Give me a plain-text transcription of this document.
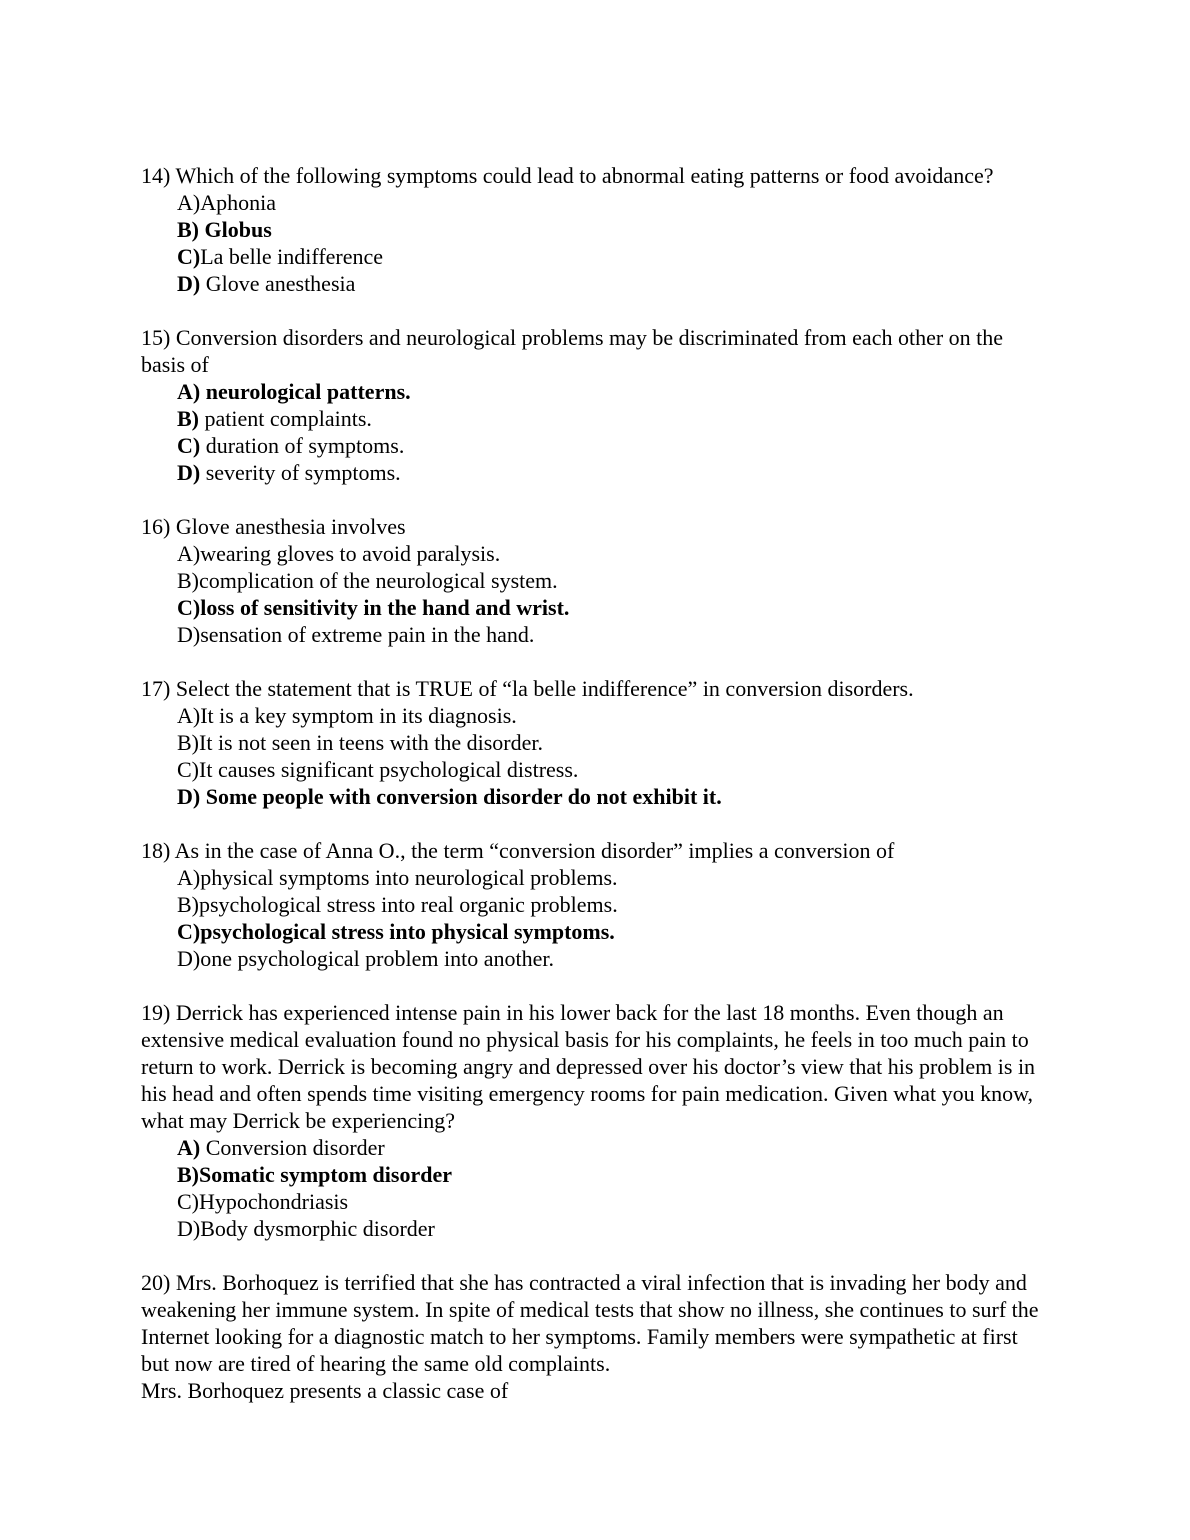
14) Which of the following symptoms could lead to abnormal eating patterns or food avoidance?

A)Aphonia
B) Globus
C)La belle indifference
D) Glove anesthesia

15) Conversion disorders and neurological problems may be discriminated from each other on the basis of

A) neurological patterns.
B) patient complaints.
C) duration of symptoms.
D) severity of symptoms.

16) Glove anesthesia involves

A)wearing gloves to avoid paralysis.
B)complication of the neurological system.
C)loss of sensitivity in the hand and wrist.
D)sensation of extreme pain in the hand.

17) Select the statement that is TRUE of “la belle indifference” in conversion disorders.

A)It is a key symptom in its diagnosis.
B)It is not seen in teens with the disorder.
C)It causes significant psychological distress.
D) Some people with conversion disorder do not exhibit it.

18) As in the case of Anna O., the term “conversion disorder” implies a conversion of

A)physical symptoms into neurological problems.
B)psychological stress into real organic problems.
C)psychological stress into physical symptoms.
D)one psychological problem into another.

19) Derrick has experienced intense pain in his lower back for the last 18 months. Even though an extensive medical evaluation found no physical basis for his complaints, he feels in too much pain to return to work. Derrick is becoming angry and depressed over his doctor’s view that his problem is in his head and often spends time visiting emergency rooms for pain medication. Given what you know, what may Derrick be experiencing?

A) Conversion disorder
B)Somatic symptom disorder
C)Hypochondriasis
D)Body dysmorphic disorder

20) Mrs. Borhoquez is terrified that she has contracted a viral infection that is invading her body and weakening her immune system. In spite of medical tests that show no illness, she continues to surf the Internet looking for a diagnostic match to her symptoms. Family members were sympathetic at first but now are tired of hearing the same old complaints.

Mrs. Borhoquez presents a classic case of
